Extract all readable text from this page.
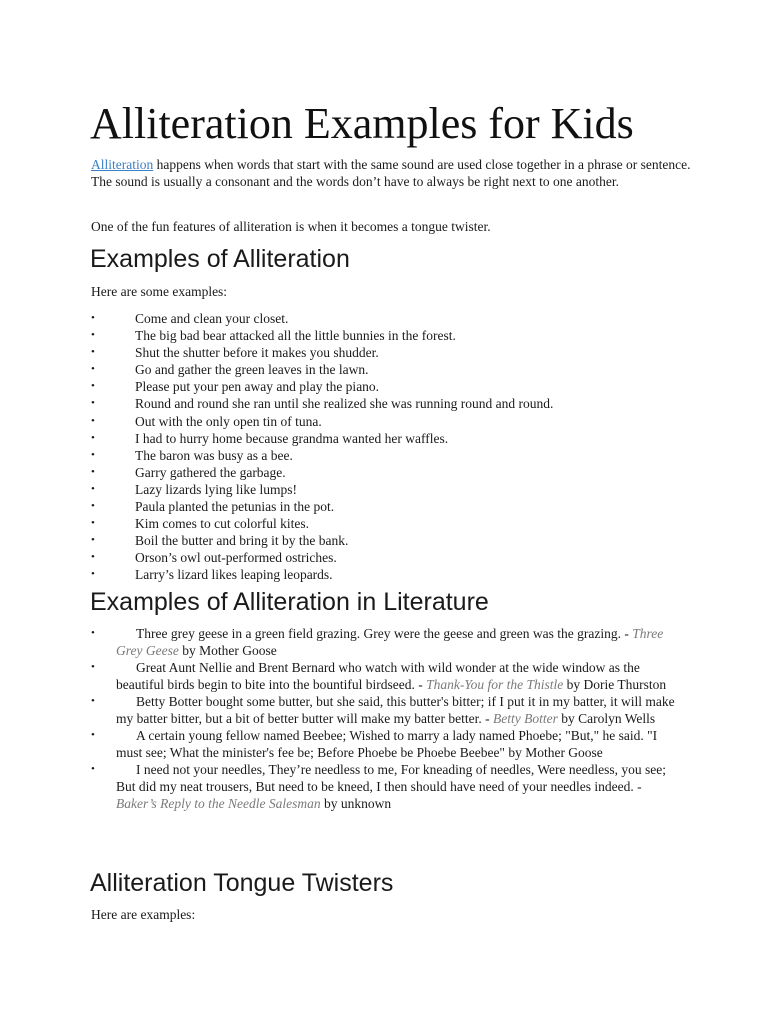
Alliteration Examples for Kids

Alliteration happens when words that start with the same sound are used close together in a phrase or sentence. The sound is usually a consonant and the words don’t have to always be right next to one another.

One of the fun features of alliteration is when it becomes a tongue twister.

Examples of Alliteration

Here are some examples:

•	Come and clean your closet.
•	The big bad bear attacked all the little bunnies in the forest.
•	Shut the shutter before it makes you shudder.
•	Go and gather the green leaves in the lawn.
•	Please put your pen away and play the piano.
•	Round and round she ran until she realized she was running round and round.
•	Out with the only open tin of tuna.
•	I had to hurry home because grandma wanted her waffles.
•	The baron was busy as a bee.
•	Garry gathered the garbage.
•	Lazy lizards lying like lumps!
•	Paula planted the petunias in the pot.
•	Kim comes to cut colorful kites.
•	Boil the butter and bring it by the bank.
•	Orson’s owl out-performed ostriches.
•	Larry’s lizard likes leaping leopards.
Examples of Alliteration in Literature
•	Three grey geese in a green field grazing. Grey were the geese and green was the grazing. - Three Grey Geese by Mother Goose
•	Great Aunt Nellie and Brent Bernard who watch with wild wonder at the wide window as the beautiful birds begin to bite into the bountiful birdseed. - Thank-You for the Thistle by Dorie Thurston
•	Betty Botter bought some butter, but she said, this butter's bitter; if I put it in my batter, it will make my batter bitter, but a bit of better butter will make my batter better. - Betty Botter by Carolyn Wells
•	A certain young fellow named Beebee; Wished to marry a lady named Phoebe; "But," he said. "I must see; What the minister's fee be; Before Phoebe be Phoebe Beebee" by Mother Goose
•	I need not your needles, They’re needless to me, For kneading of needles, Were needless, you see; But did my neat trousers, But need to be kneed, I then should have need of your needles indeed. - Baker’s Reply to the Needle Salesman by unknown
Alliteration Tongue Twisters

Here are examples:
